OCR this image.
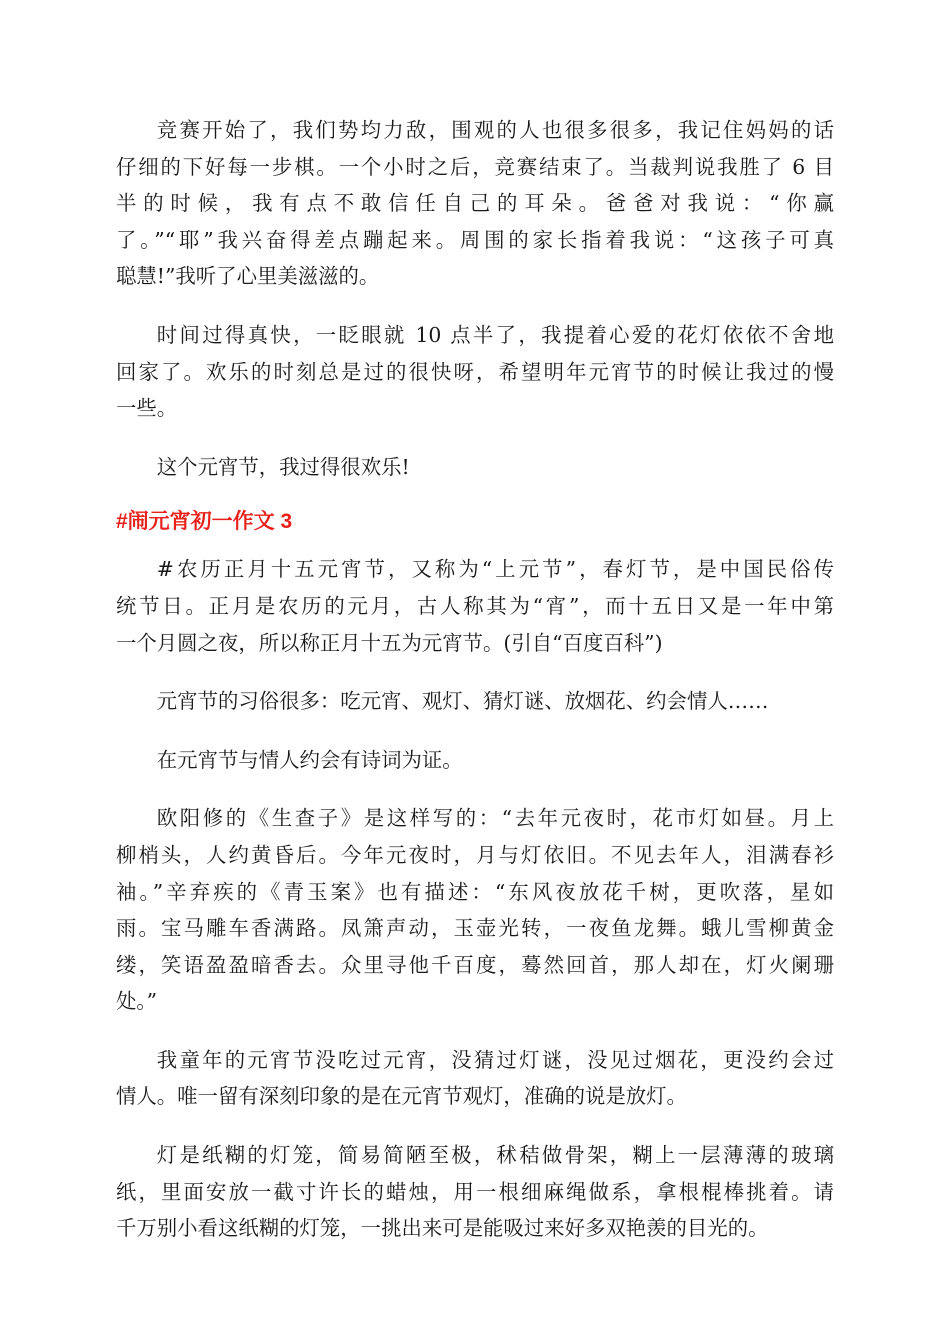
竞赛开始了，我们势均力敌，围观的人也很多很多，我记住妈妈的话
仔细的下好每一步棋。一个小时之后，竞赛结束了。当裁判说我胜了 6 目
半的时候，我有点不敢信任自己的耳朵。爸爸对我说：“你赢
了。”“耶”我兴奋得差点蹦起来。周围的家长指着我说：“这孩子可真
聪慧!”我听了心里美滋滋的。
时间过得真快，一眨眼就 10 点半了，我提着心爱的花灯依依不舍地
回家了。欢乐的时刻总是过的很快呀，希望明年元宵节的时候让我过的慢
一些。
这个元宵节，我过得很欢乐!
#闹元宵初一作文 3
#农历正月十五元宵节，又称为“上元节”，春灯节，是中国民俗传
统节日。正月是农历的元月，古人称其为“宵”，而十五日又是一年中第
一个月圆之夜，所以称正月十五为元宵节。(引自“百度百科”)
元宵节的习俗很多：吃元宵、观灯、猜灯谜、放烟花、约会情人……
在元宵节与情人约会有诗词为证。
欧阳修的《生查子》是这样写的：“去年元夜时，花市灯如昼。月上
柳梢头，人约黄昏后。今年元夜时，月与灯依旧。不见去年人，泪满春衫
袖。”辛弃疾的《青玉案》也有描述：“东风夜放花千树，更吹落，星如
雨。宝马雕车香满路。凤箫声动，玉壶光转，一夜鱼龙舞。蛾儿雪柳黄金
缕，笑语盈盈暗香去。众里寻他千百度，蓦然回首，那人却在，灯火阑珊
处。”
我童年的元宵节没吃过元宵，没猜过灯谜，没见过烟花，更没约会过
情人。唯一留有深刻印象的是在元宵节观灯，准确的说是放灯。
灯是纸糊的灯笼，简易简陋至极，秫秸做骨架，糊上一层薄薄的玻璃
纸，里面安放一截寸许长的蜡烛，用一根细麻绳做系，拿根棍棒挑着。请
千万别小看这纸糊的灯笼，一挑出来可是能吸过来好多双艳羡的目光的。
